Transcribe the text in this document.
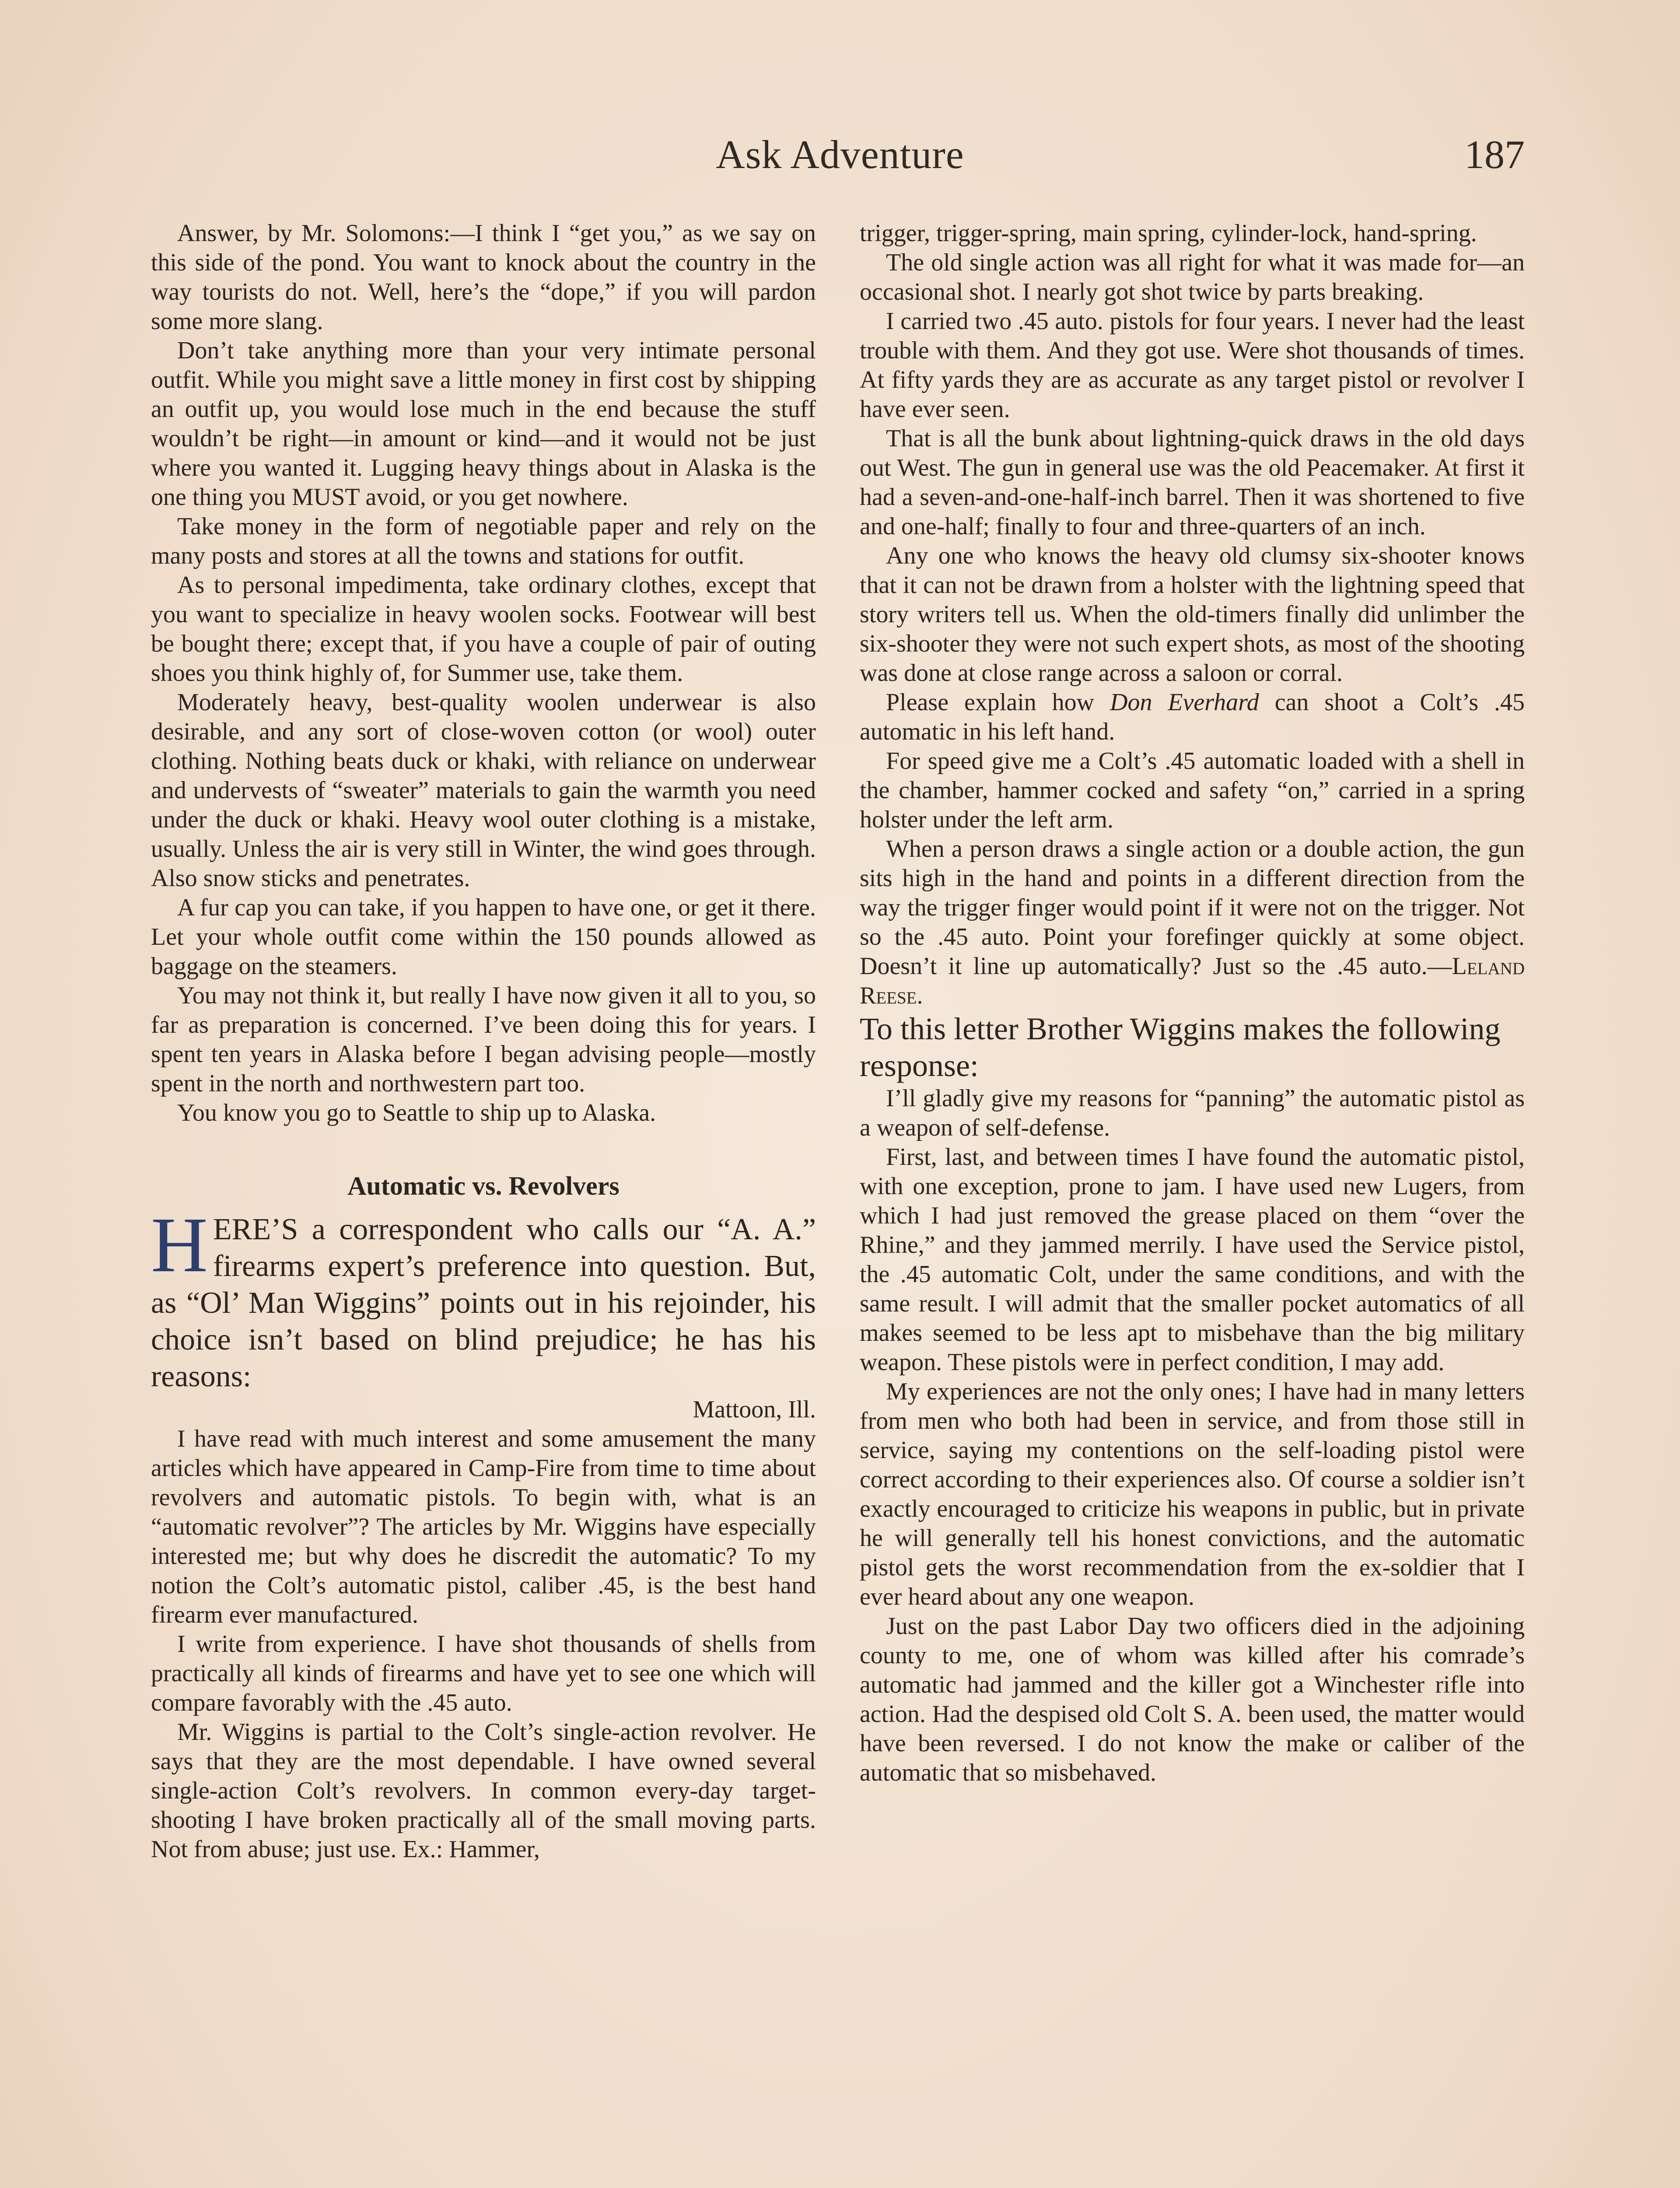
Ask Adventure	187

Answer, by Mr. Solomons:—I think I “get you,” as we say on this side of the pond. You want to knock about the country in the way tourists do not. Well, here’s the “dope,” if you will pardon some more slang.

Don’t take anything more than your very intimate personal outfit. While you might save a little money in first cost by shipping an outfit up, you would lose much in the end because the stuff wouldn’t be right—in amount or kind—and it would not be just where you wanted it. Lugging heavy things about in Alaska is the one thing you MUST avoid, or you get nowhere.

Take money in the form of negotiable paper and rely on the many posts and stores at all the towns and stations for outfit.

As to personal impedimenta, take ordinary clothes, except that you want to specialize in heavy woolen socks. Footwear will best be bought there; except that, if you have a couple of pair of outing shoes you think highly of, for Summer use, take them.

Moderately heavy, best-quality woolen underwear is also desirable, and any sort of close-woven cotton (or wool) outer clothing. Nothing beats duck or khaki, with reliance on underwear and undervests of “sweater” materials to gain the warmth you need under the duck or khaki. Heavy wool outer clothing is a mistake, usually. Unless the air is very still in Winter, the wind goes through. Also snow sticks and penetrates.

A fur cap you can take, if you happen to have one, or get it there. Let your whole outfit come within the 150 pounds allowed as baggage on the steamers.

You may not think it, but really I have now given it all to you, so far as preparation is concerned. I’ve been doing this for years. I spent ten years in Alaska before I began advising people—mostly spent in the north and northwestern part too.

You know you go to Seattle to ship up to Alaska.

Automatic vs. Revolvers

HERE’S a correspondent who calls our “A. A.” firearms expert’s preference into question. But, as “Ol’ Man Wiggins” points out in his rejoinder, his choice isn’t based on blind prejudice; he has his reasons:

Mattoon, Ill.

I have read with much interest and some amusement the many articles which have appeared in Camp-Fire from time to time about revolvers and automatic pistols. To begin with, what is an “automatic revolver”? The articles by Mr. Wiggins have especially interested me; but why does he discredit the automatic? To my notion the Colt’s automatic pistol, caliber .45, is the best hand firearm ever manufactured.

I write from experience. I have shot thousands of shells from practically all kinds of firearms and have yet to see one which will compare favorably with the .45 auto.

Mr. Wiggins is partial to the Colt’s single-action revolver. He says that they are the most dependable. I have owned several single-action Colt’s revolvers. In common every-day target-shooting I have broken practically all of the small moving parts. Not from abuse; just use. Ex.: Hammer,

trigger, trigger-spring, main spring, cylinder-lock, hand-spring.

The old single action was all right for what it was made for—an occasional shot. I nearly got shot twice by parts breaking.

I carried two .45 auto. pistols for four years. I never had the least trouble with them. And they got use. Were shot thousands of times. At fifty yards they are as accurate as any target pistol or revolver I have ever seen.

That is all the bunk about lightning-quick draws in the old days out West. The gun in general use was the old Peacemaker. At first it had a seven-and-one-half-inch barrel. Then it was shortened to five and one-half; finally to four and three-quarters of an inch.

Any one who knows the heavy old clumsy six-shooter knows that it can not be drawn from a holster with the lightning speed that story writers tell us. When the old-timers finally did unlimber the six-shooter they were not such expert shots, as most of the shooting was done at close range across a saloon or corral.

Please explain how Don Everhard can shoot a Colt’s .45 automatic in his left hand.

For speed give me a Colt’s .45 automatic loaded with a shell in the chamber, hammer cocked and safety “on,” carried in a spring holster under the left arm.

When a person draws a single action or a double action, the gun sits high in the hand and points in a different direction from the way the trigger finger would point if it were not on the trigger. Not so the .45 auto. Point your forefinger quickly at some object. Doesn’t it line up automatically? Just so the .45 auto.—Leland Reese.

To this letter Brother Wiggins makes the following response:

I’ll gladly give my reasons for “panning” the automatic pistol as a weapon of self-defense.

First, last, and between times I have found the automatic pistol, with one exception, prone to jam. I have used new Lugers, from which I had just removed the grease placed on them “over the Rhine,” and they jammed merrily. I have used the Service pistol, the .45 automatic Colt, under the same conditions, and with the same result. I will admit that the smaller pocket automatics of all makes seemed to be less apt to misbehave than the big military weapon. These pistols were in perfect condition, I may add.

My experiences are not the only ones; I have had in many letters from men who both had been in service, and from those still in service, saying my contentions on the self-loading pistol were correct according to their experiences also. Of course a soldier isn’t exactly encouraged to criticize his weapons in public, but in private he will generally tell his honest convictions, and the automatic pistol gets the worst recommendation from the ex-soldier that I ever heard about any one weapon.

Just on the past Labor Day two officers died in the adjoining county to me, one of whom was killed after his comrade’s automatic had jammed and the killer got a Winchester rifle into action. Had the despised old Colt S. A. been used, the matter would have been reversed. I do not know the make or caliber of the automatic that so misbehaved.
